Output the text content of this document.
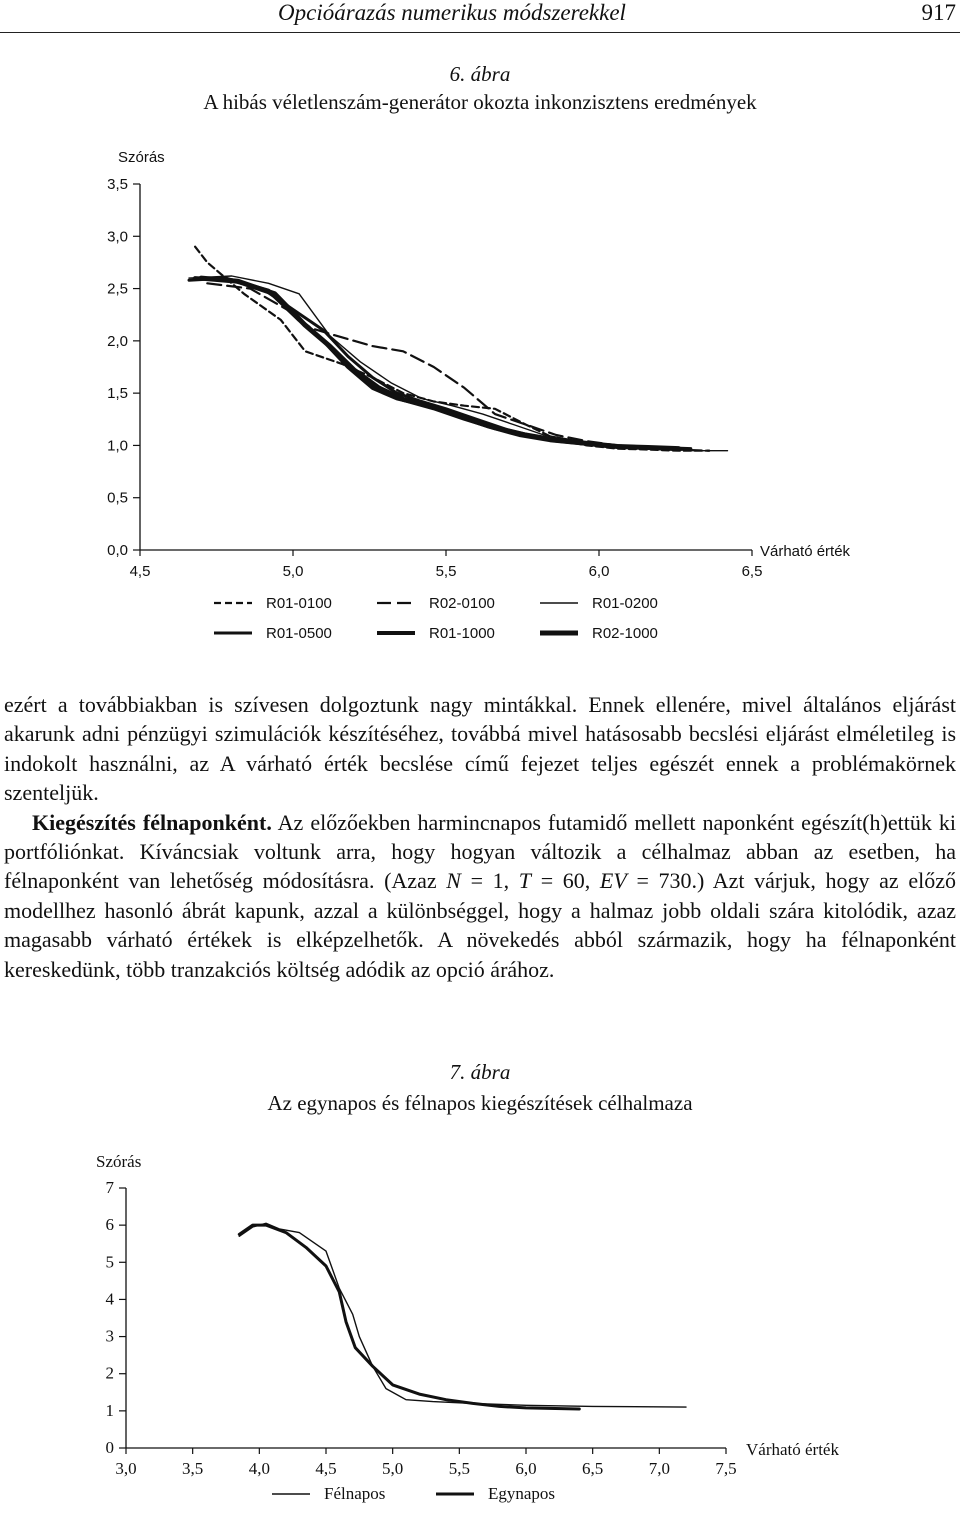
Opcióárazás numerikus módszerekkel	917
6. ábra
A hibás véletlenszám-generátor okozta inkonzisztens eredmények
Szórás
Várható érték
0,0
0,5
1,0
1,5
2,0
2,5
3,0
3,5
4,5	5,0	5,5	6,0	6,5
R01-0100	R02-0100	R01-0200
R01-0500	R01-1000	R02-1000

ezért a továbbiakban is szívesen dolgoztunk nagy mintákkal. Ennek ellenére, mivel általános eljárást akarunk adni pénzügyi szimulációk készítéséhez, továbbá mivel hatásosabb becslési eljárást elméletileg is indokolt használni, az A várható érték becslése című fejezet teljes egészét ennek a problémakörnek szenteljük.

Kiegészítés félnaponként. Az előzőekben harmincnapos futamidő mellett naponként egészít(h)ettük ki portfóliónkat. Kíváncsiak voltunk arra, hogy hogyan változik a célhalmaz abban az esetben, ha félnaponként van lehetőség módosításra. (Azaz N = 1, T = 60, EV = 730.) Azt várjuk, hogy az előző modellhez hasonló ábrát kapunk, azzal a különbséggel, hogy a halmaz jobb oldali szára kitolódik, azaz magasabb várható értékek is elképzelhetők. A növekedés abból származik, hogy ha félnaponként kereskedünk, több tranzakciós költség adódik az opció árához.

7. ábra
Az egynapos és félnapos kiegészítések célhalmaza
Szórás
Várható érték
0
1
2
3
4
5
6
7
3,0	3,5	4,0	4,5	5,0	5,5	6,0	6,5	7,0	7,5
Félnapos	Egynapos
